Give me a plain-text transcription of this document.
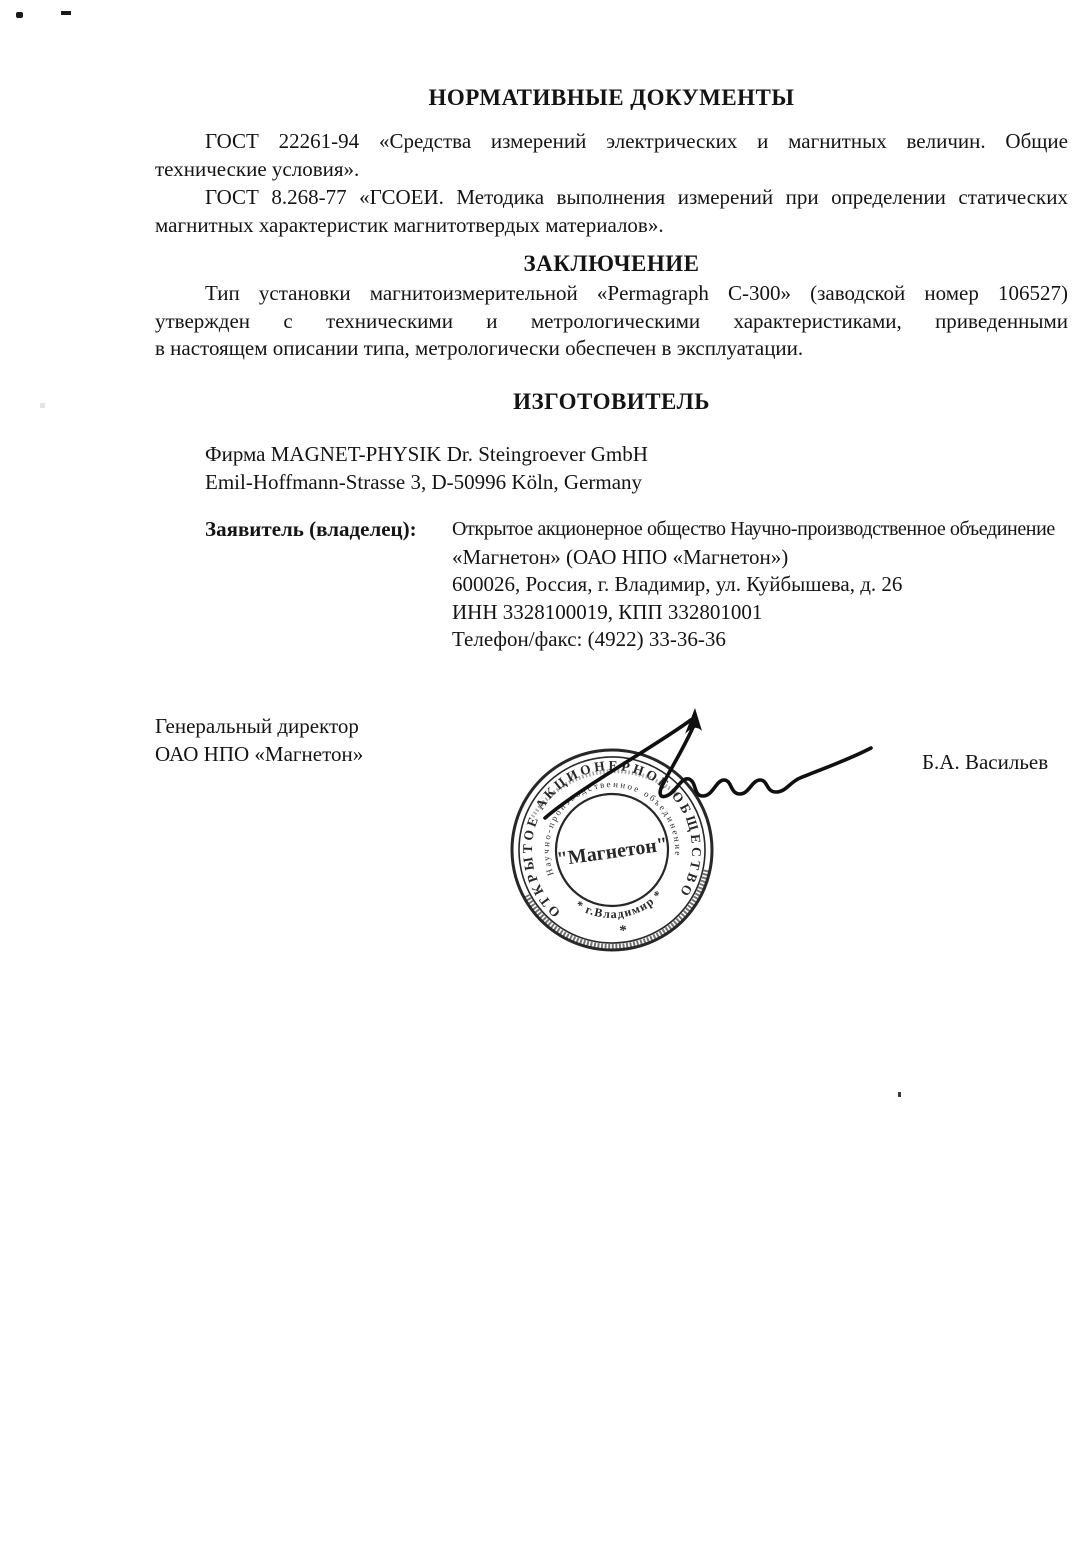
НОРМАТИВНЫЕ ДОКУМЕНТЫ
ГОСТ 22261-94 «Средства измерений электрических и магнитных величин. Общие
технические условия».
ГОСТ 8.268-77 «ГСОЕИ. Методика выполнения измерений при определении статических
магнитных характеристик магнитотвердых материалов».
ЗАКЛЮЧЕНИЕ
Тип установки магнитоизмерительной «Permagraph C-300» (заводской номер 106527)
утвержден с техническими и метрологическими характеристиками, приведенными
в настоящем описании типа, метрологически обеспечен в эксплуатации.
ИЗГОТОВИТЕЛЬ
Фирма MAGNET-PHYSIK Dr. Steingroever GmbH
Emil-Hoffmann-Strasse 3, D-50996 Köln, Germany
Заявитель (владелец):	Открытое акционерное общество Научно-производственное объединение
«Магнетон» (ОАО НПО «Магнетон»)
600026, Россия, г. Владимир, ул. Куйбышева, д. 26
ИНН 3328100019, КПП 332801001
Телефон/факс: (4922) 33-36-36
Генеральный директор
ОАО НПО «Магнетон»	Б.А. Васильев
ОТКРЫТОЕ АКЦИОНЕРНОЕ ОБЩЕСТВО
Научно-производственное объединение
* г.Владимир *
*
"Магнетон"
